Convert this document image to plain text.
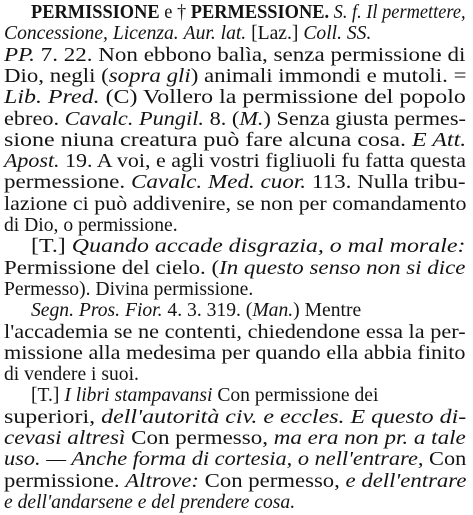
PERMISSIONE e † PERMESSIONE. S. f. Il permettere,
Concessione, Licenza. Aur. lat. [Laz.] Coll. SS.
PP. 7. 22. Non ebbono balìa, senza permissione di
Dio, negli (sopra gli) animali immondi e mutoli. =
Lib. Pred. (C) Vollero la permissione del popolo
ebreo. Cavalc. Pungil. 8. (M.) Senza giusta permes-
sione niuna creatura può fare alcuna cosa. E Att.
Apost. 19. A voi, e agli vostri figliuoli fu fatta questa
permessione. Cavalc. Med. cuor. 113. Nulla tribu-
lazione ci può addivenire, se non per comandamento
di Dio, o permissione.
[T.] Quando accade disgrazia, o mal morale:
Permissione del cielo. (In questo senso non si dice
Permesso). Divina permissione.
Segn. Pros. Fior. 4. 3. 319. (Man.) Mentre
l'accademia se ne contenti, chiedendone essa la per-
missione alla medesima per quando ella abbia finito
di vendere i suoi.
[T.] I libri stampavansi Con permissione dei
superiori, dell'autorità civ. e eccles. E questo di-
cevasi altresì Con permesso, ma era non pr. a tale
uso. — Anche forma di cortesia, o nell'entrare, Con
permissione. Altrove: Con permesso, e dell'entrare
e dell'andarsene e del prendere cosa.
